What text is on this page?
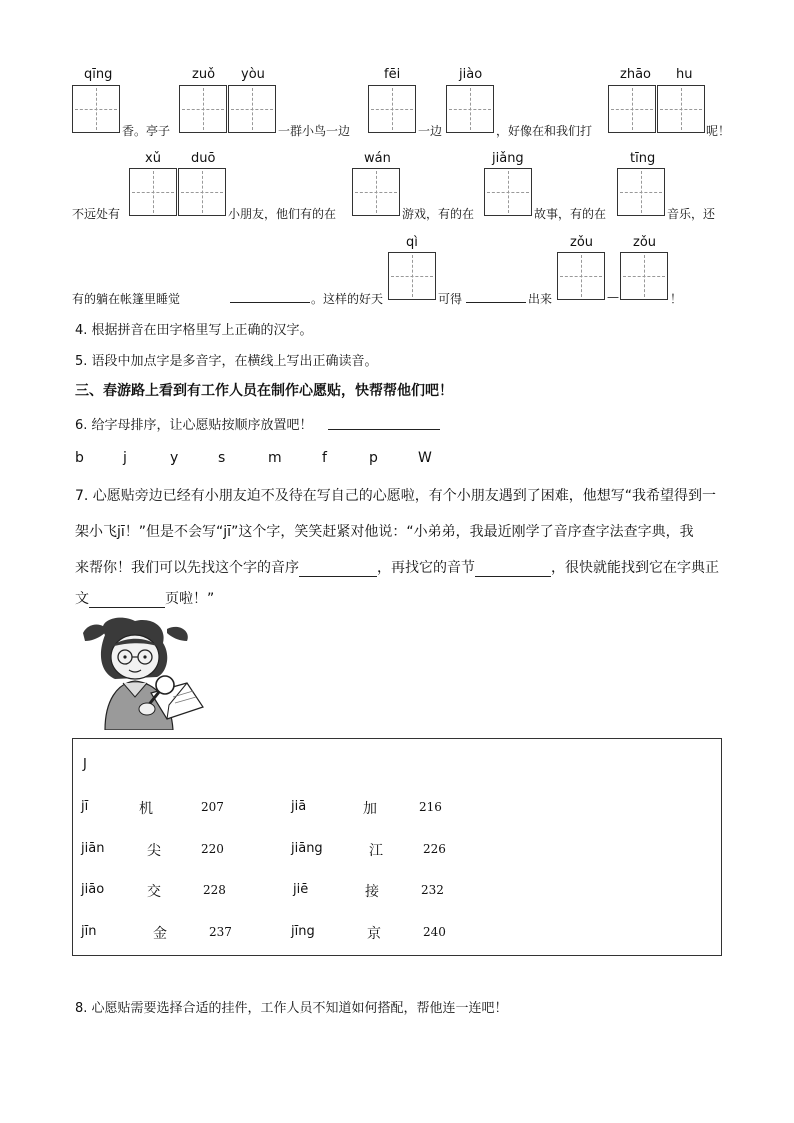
qīng
香。亭子
zuǒ yòu
一群小鸟一边
fēi
一边
jiào
，好像在和我们打
zhāo hu
呢！
不远处有
xǔ duō
小朋友，他们有的在
wán
游戏，有的在
jiǎng
故事，有的在
tīng
音乐，还
有的躺在帐篷里睡觉	。这样的好天
qì
可得	出来
zǒu
—
zǒu
！
4. 根据拼音在田字格里写上正确的汉字。
5. 语段中加点字是多音字，在横线上写出正确读音。
三、春游路上看到有工作人员在制作心愿贴，快帮帮他们吧！
6. 给字母排序，让心愿贴按顺序放置吧！
b	j	y	s	m	f	p	W
7. 心愿贴旁边已经有小朋友迫不及待在写自己的心愿啦，有个小朋友遇到了困难，他想写“我希望得到一
架小飞jī！”但是不会写“jī”这个字，笑笑赶紧对他说：“小弟弟，我最近刚学了音序查字法查字典，我
来帮你！我们可以先找这个字的音序	，再找它的音节	，很快就能找到它在字典正
文	页啦！”
J
jī	机	207	jiā	加	216
jiān	尖	220	jiāng	江	226
jiāo	交	228	jiē	接	232
jīn	金	237	jīng	京	240
8. 心愿贴需要选择合适的挂件，工作人员不知道如何搭配，帮他连一连吧！
